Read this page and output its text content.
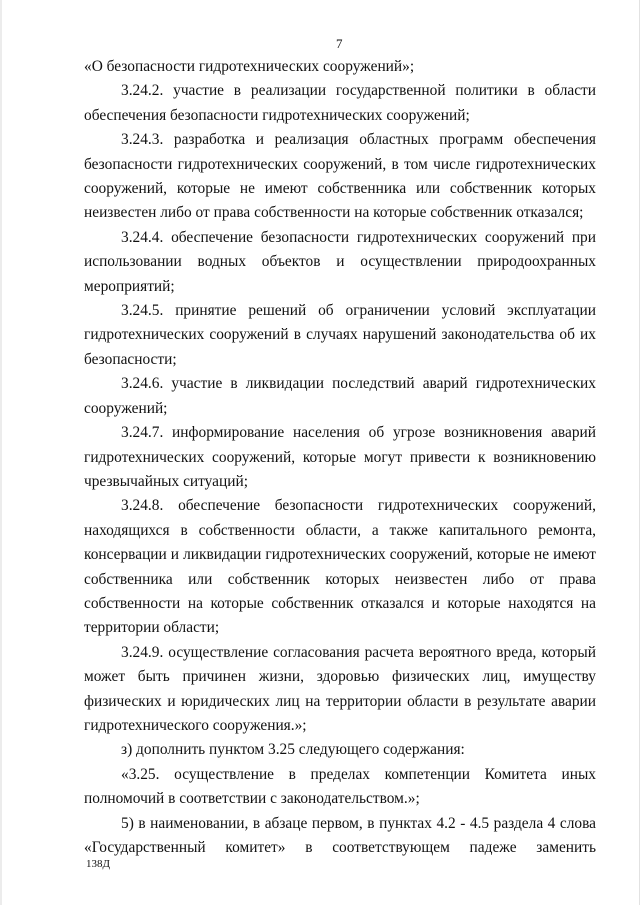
7

«О безопасности гидротехнических сооружений»;

3.24.2. участие в реализации государственной политики в области обеспечения безопасности гидротехнических сооружений;

3.24.3. разработка и реализация областных программ обеспечения безопасности гидротехнических сооружений, в том числе гидротехнических сооружений, которые не имеют собственника или собственник которых неизвестен либо от права собственности на которые собственник отказался;

3.24.4. обеспечение безопасности гидротехнических сооружений при использовании водных объектов и осуществлении природоохранных мероприятий;

3.24.5. принятие решений об ограничении условий эксплуатации гидротехнических сооружений в случаях нарушений законодательства об их безопасности;

3.24.6. участие в ликвидации последствий аварий гидротехнических сооружений;

3.24.7. информирование населения об угрозе возникновения аварий гидротехнических сооружений, которые могут привести к возникновению чрезвычайных ситуаций;

3.24.8. обеспечение безопасности гидротехнических сооружений, находящихся в собственности области, а также капитального ремонта, консервации и ликвидации гидротехнических сооружений, которые не имеют собственника или собственник которых неизвестен либо от права собственности на которые собственник отказался и которые находятся на территории области;

3.24.9. осуществление согласования расчета вероятного вреда, который может быть причинен жизни, здоровью физических лиц, имуществу физических и юридических лиц на территории области в результате аварии гидротехнического сооружения.»;

з) дополнить пунктом 3.25 следующего содержания:

«3.25. осуществление в пределах компетенции Комитета иных полномочий в соответствии с законодательством.»;

5) в наименовании, в абзаце первом, в пунктах 4.2 - 4.5 раздела 4 слова «Государственный комитет» в соответствующем падеже заменить

138Д
